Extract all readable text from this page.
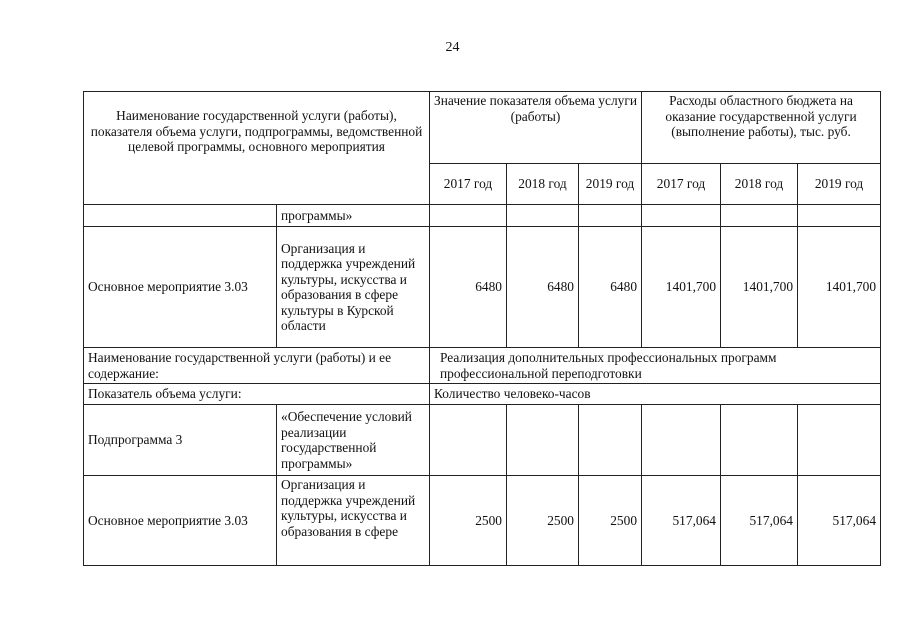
24
Наименование государственной услуги (работы), показателя объема услуги, подпрограммы, ведомственной целевой программы, основного мероприятия		Значение показателя объема услуги (работы)			Расходы областного бюджета на оказание государственной услуги (выполнение работы), тыс. руб.		
		2017 год	2018 год	2019 год	2017 год	2018 год	2019 год
	программы»						
Основное мероприятие 3.03	Организация и поддержка учреждений культуры, искусства и образования в сфере культуры в Курской области	6480	6480	6480	1401,700	1401,700	1401,700
Наименование государственной услуги (работы) и ее содержание:		Реализация дополнительных профессиональных программ профессиональной переподготовки					
Показатель объема услуги:		Количество человеко-часов					
Подпрограмма 3	«Обеспечение условий реализации государственной программы»						
Основное мероприятие 3.03	Организация и поддержка учреждений культуры, искусства и образования в сфере	2500	2500	2500	517,064	517,064	517,064
